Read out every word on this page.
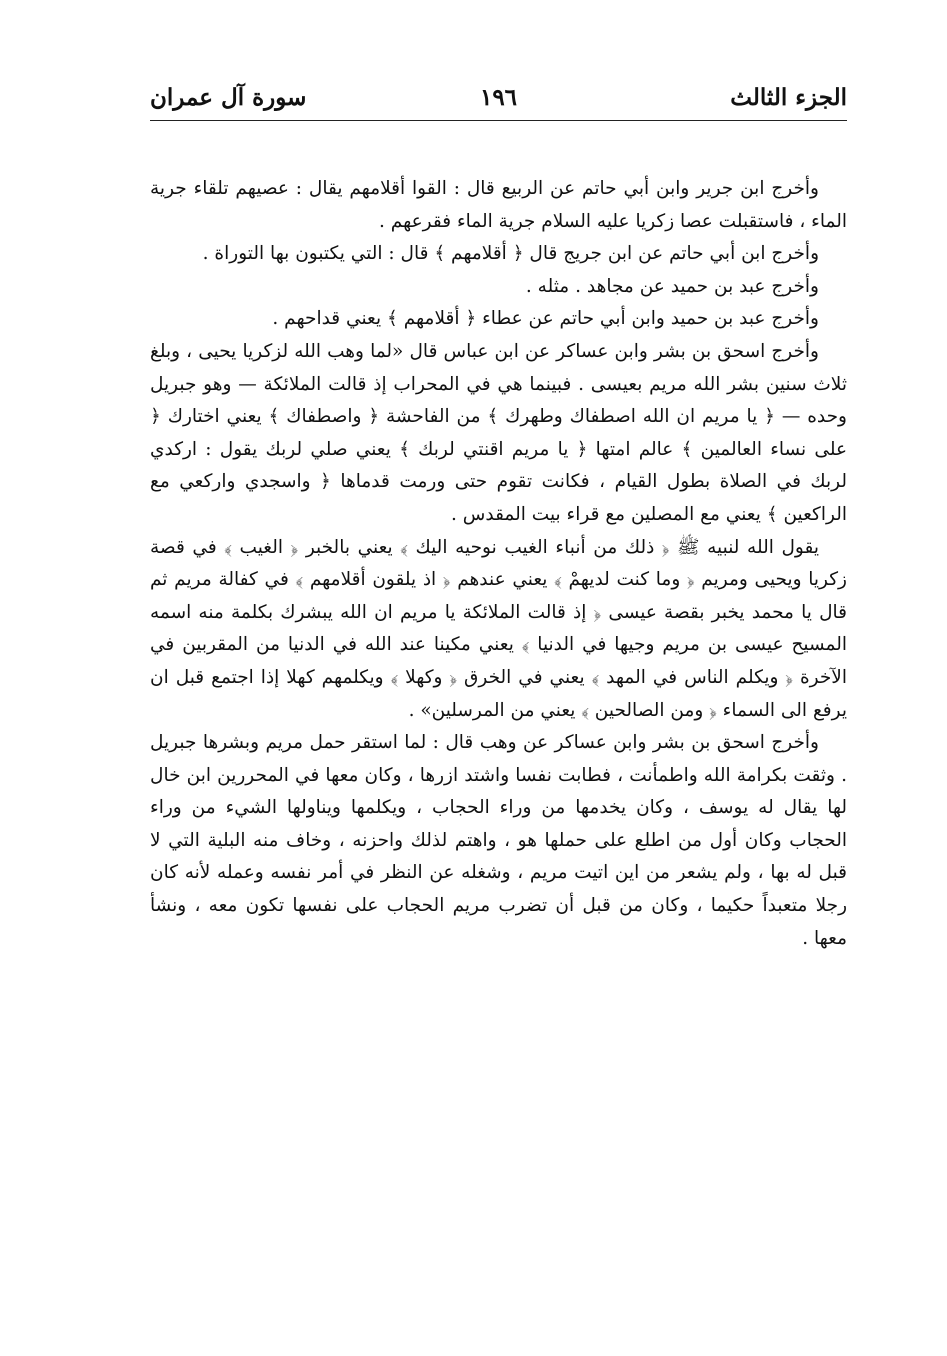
الجزء الثالث
١٩٦
سورة آل عمران

وأخرج ابن جرير وابن أبي حاتم عن الربيع قال : القوا أقلامهم يقال : عصيهم تلقاء جرية الماء ، فاستقبلت عصا زكريا عليه السلام جرية الماء فقرعهم .

وأخرج ابن أبي حاتم عن ابن جريج قال ﴿ أقلامهم ﴾ قال : التي يكتبون بها التوراة .

وأخرج عبد بن حميد عن مجاهد . مثله .

وأخرج عبد بن حميد وابن أبي حاتم عن عطاء ﴿ أقلامهم ﴾ يعني قداحهم .

وأخرج اسحق بن بشر وابن عساكر عن ابن عباس قال «لما وهب الله لزكريا يحيى ، وبلغ ثلاث سنين بشر الله مريم بعيسى . فبينما هي في المحراب إذ قالت الملائكة — وهو جبريل وحده — ﴿ يا مريم ان الله اصطفاك وطهرك ﴾ من الفاحشة ﴿ واصطفاك ﴾ يعني اختارك ﴿ على نساء العالمين ﴾ عالم امتها ﴿ يا مريم اقنتي لربك ﴾ يعني صلي لربك يقول : اركدي لربك في الصلاة بطول القيام ، فكانت تقوم حتى ورمت قدماها ﴿ واسجدي واركعي مع الراكعين ﴾ يعني مع المصلين مع قراء بيت المقدس .

يقول الله لنبيه ﷺ ﴿ ذلك من أنباء الغيب نوحيه اليك ﴾ يعني بالخبر ﴿ الغيب ﴾ في قصة زكريا ويحيى ومريم ﴿ وما كنت لديهمْ ﴾ يعني عندهم ﴿ اذ يلقون أقلامهم ﴾ في كفالة مريم ثم قال يا محمد يخبر بقصة عيسى ﴿ إذ قالت الملائكة يا مريم ان الله يبشرك بكلمة منه اسمه المسيح عيسى بن مريم وجيها في الدنيا ﴾ يعني مكينا عند الله في الدنيا من المقربين في الآخرة ﴿ ويكلم الناس في المهد ﴾ يعني في الخرق ﴿ وكهلا ﴾ ويكلمهم كهلا إذا اجتمع قبل ان يرفع الى السماء ﴿ ومن الصالحين ﴾ يعني من المرسلين» .

وأخرج اسحق بن بشر وابن عساكر عن وهب قال : لما استقر حمل مريم وبشرها جبريل . وثقت بكرامة الله واطمأنت ، فطابت نفسا واشتد ازرها ، وكان معها في المحررين ابن خال لها يقال له يوسف ، وكان يخدمها من وراء الحجاب ، ويكلمها ويناولها الشيء من وراء الحجاب وكان أول من اطلع على حملها هو ، واهتم لذلك واحزنه ، وخاف منه البلية التي لا قبل له بها ، ولم يشعر من اين اتيت مريم ، وشغله عن النظر في أمر نفسه وعمله لأنه كان رجلا متعبداً حكيما ، وكان من قبل أن تضرب مريم الحجاب على نفسها تكون معه ، ونشأ معها .
